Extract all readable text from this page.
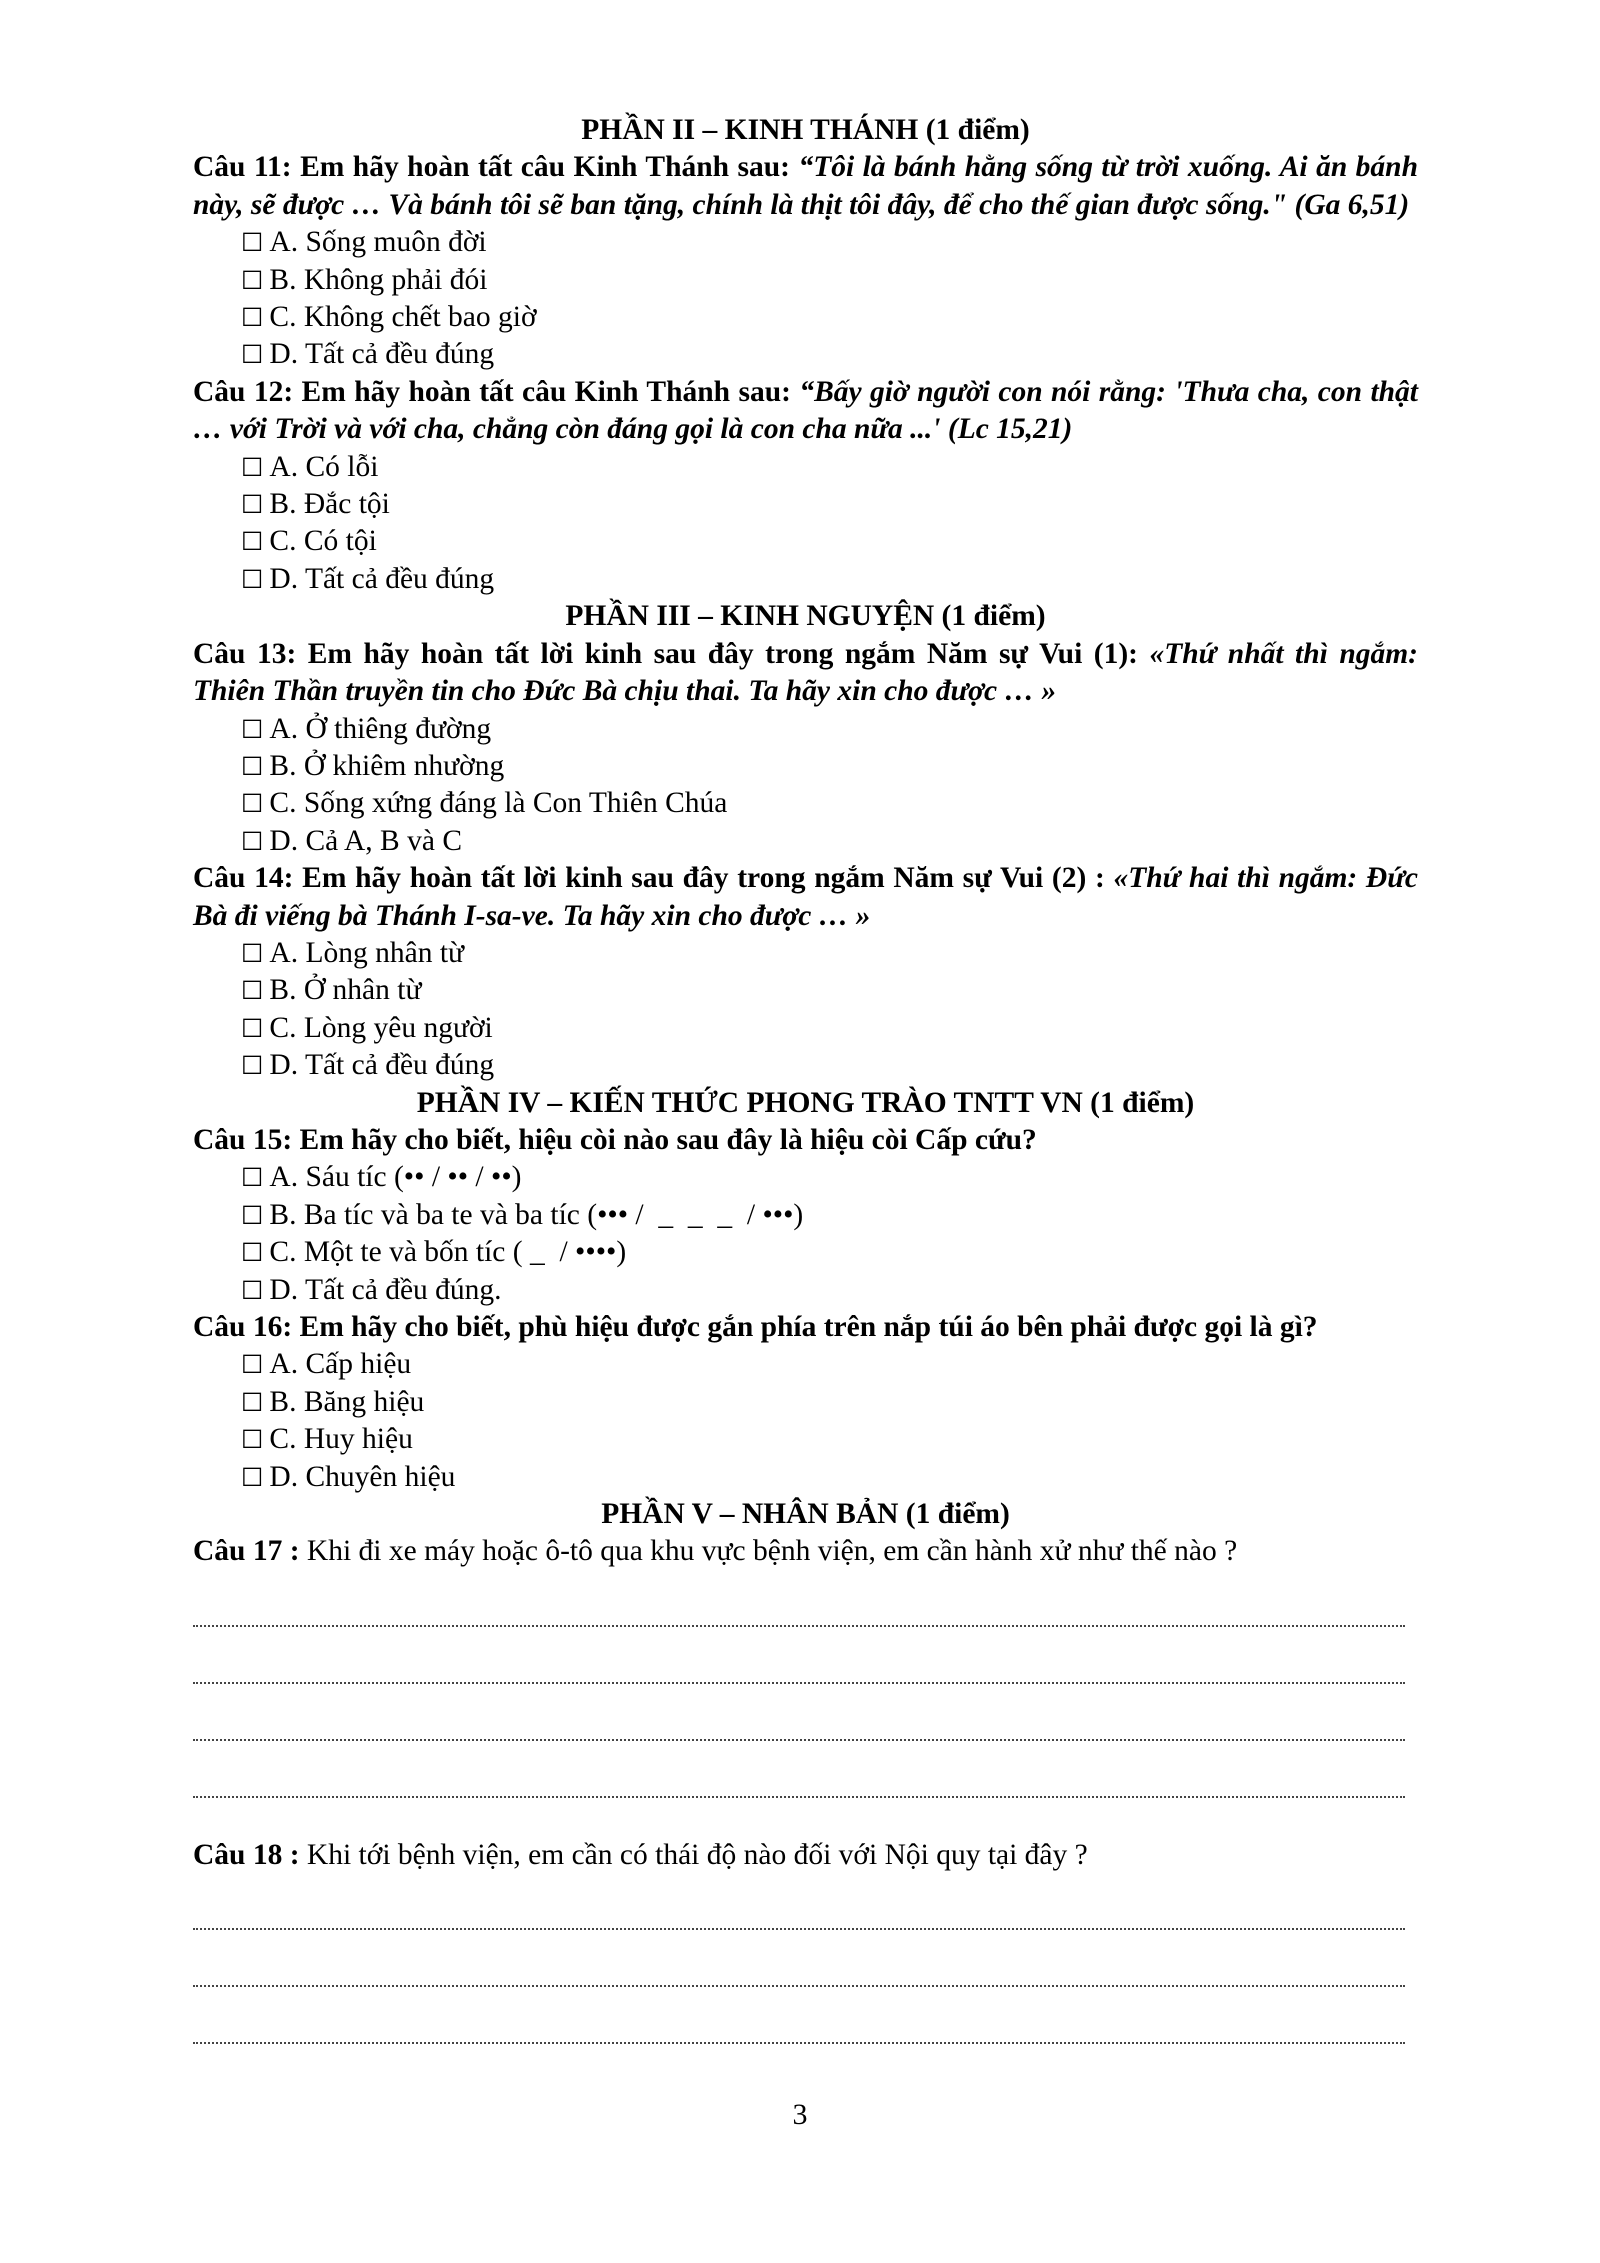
PHẦN II – KINH THÁNH (1 điểm)
Câu 11: Em hãy hoàn tất câu Kinh Thánh sau: “Tôi là bánh hằng sống từ trời xuống. Ai ăn bánh này, sẽ được … Và bánh tôi sẽ ban tặng, chính là thịt tôi đây, để cho thế gian được sống." (Ga 6,51)
☐ A. Sống muôn đời
☐ B. Không phải đói
☐ C. Không chết bao giờ
☐ D. Tất cả đều đúng
Câu 12: Em hãy hoàn tất câu Kinh Thánh sau: “Bấy giờ người con nói rằng: 'Thưa cha, con thật … với Trời và với cha, chẳng còn đáng gọi là con cha nữa ...' (Lc 15,21)
☐ A. Có lỗi
☐ B. Đắc tội
☐ C. Có tội
☐ D. Tất cả đều đúng
PHẦN III – KINH NGUYỆN (1 điểm)
Câu 13: Em hãy hoàn tất lời kinh sau đây trong ngắm Năm sự Vui (1): «Thứ nhất thì ngắm: Thiên Thần truyền tin cho Đức Bà chịu thai. Ta hãy xin cho được … »
☐ A. Ở thiêng đường
☐ B. Ở khiêm nhường
☐ C. Sống xứng đáng là Con Thiên Chúa
☐ D. Cả A, B và C
Câu 14: Em hãy hoàn tất lời kinh sau đây trong ngắm Năm sự Vui (2) : «Thứ hai thì ngắm: Đức Bà đi viếng bà Thánh I-sa-ve. Ta hãy xin cho được … »
☐ A. Lòng nhân từ
☐ B. Ở nhân từ
☐ C. Lòng yêu người
☐ D. Tất cả đều đúng
PHẦN IV – KIẾN THỨC PHONG TRÀO TNTT VN (1 điểm)
Câu 15: Em hãy cho biết, hiệu còi nào sau đây là hiệu còi Cấp cứu?
☐ A. Sáu tíc (•• / •• / ••)
☐ B. Ba tíc và ba te và ba tíc (••• /  _  _  _  / •••)
☐ C. Một te và bốn tíc ( _  / ••••)
☐ D. Tất cả đều đúng.
Câu 16: Em hãy cho biết, phù hiệu được gắn phía trên nắp túi áo bên phải được gọi là gì?
☐ A. Cấp hiệu
☐ B. Băng hiệu
☐ C. Huy hiệu
☐ D. Chuyên hiệu
PHẦN V – NHÂN BẢN (1 điểm)
Câu 17 : Khi đi xe máy hoặc ô-tô qua khu vực bệnh viện, em cần hành xử như thế nào ?
Câu 18 : Khi tới bệnh viện, em cần có thái độ nào đối với Nội quy tại đây ?
3
